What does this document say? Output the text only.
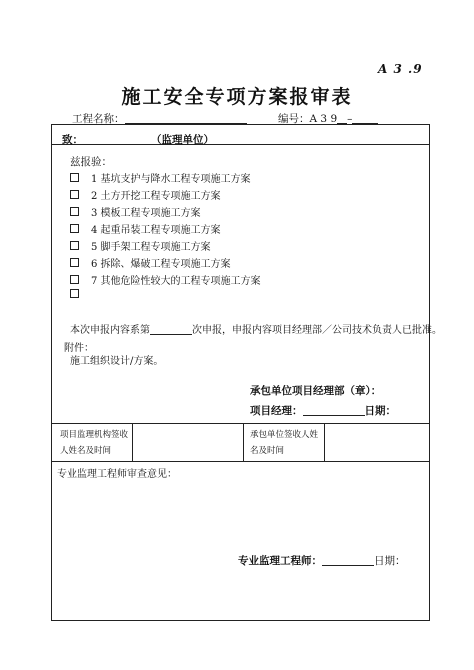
A 3 .9
施工安全专项方案报审表
工程名称：	编号：A 3 9 –
致：	（监理单位）
兹报验：
1 基坑支护与降水工程专项施工方案
2 土方开挖工程专项施工方案
3 模板工程专项施工方案
4 起重吊装工程专项施工方案
5 脚手架工程专项施工方案
6 拆除、爆破工程专项施工方案
7 其他危险性较大的工程专项施工方案
本次申报内容系第	次申报，申报内容项目经理部／公司技术负责人已批准。
附件：
施工组织设计/方案。
承包单位项目经理部（章）：
项目经理：	日期：
项目监理机构签收人姓名及时间
承包单位签收人姓名及时间
专业监理工程师审查意见：
专业监理工程师：	日期：
